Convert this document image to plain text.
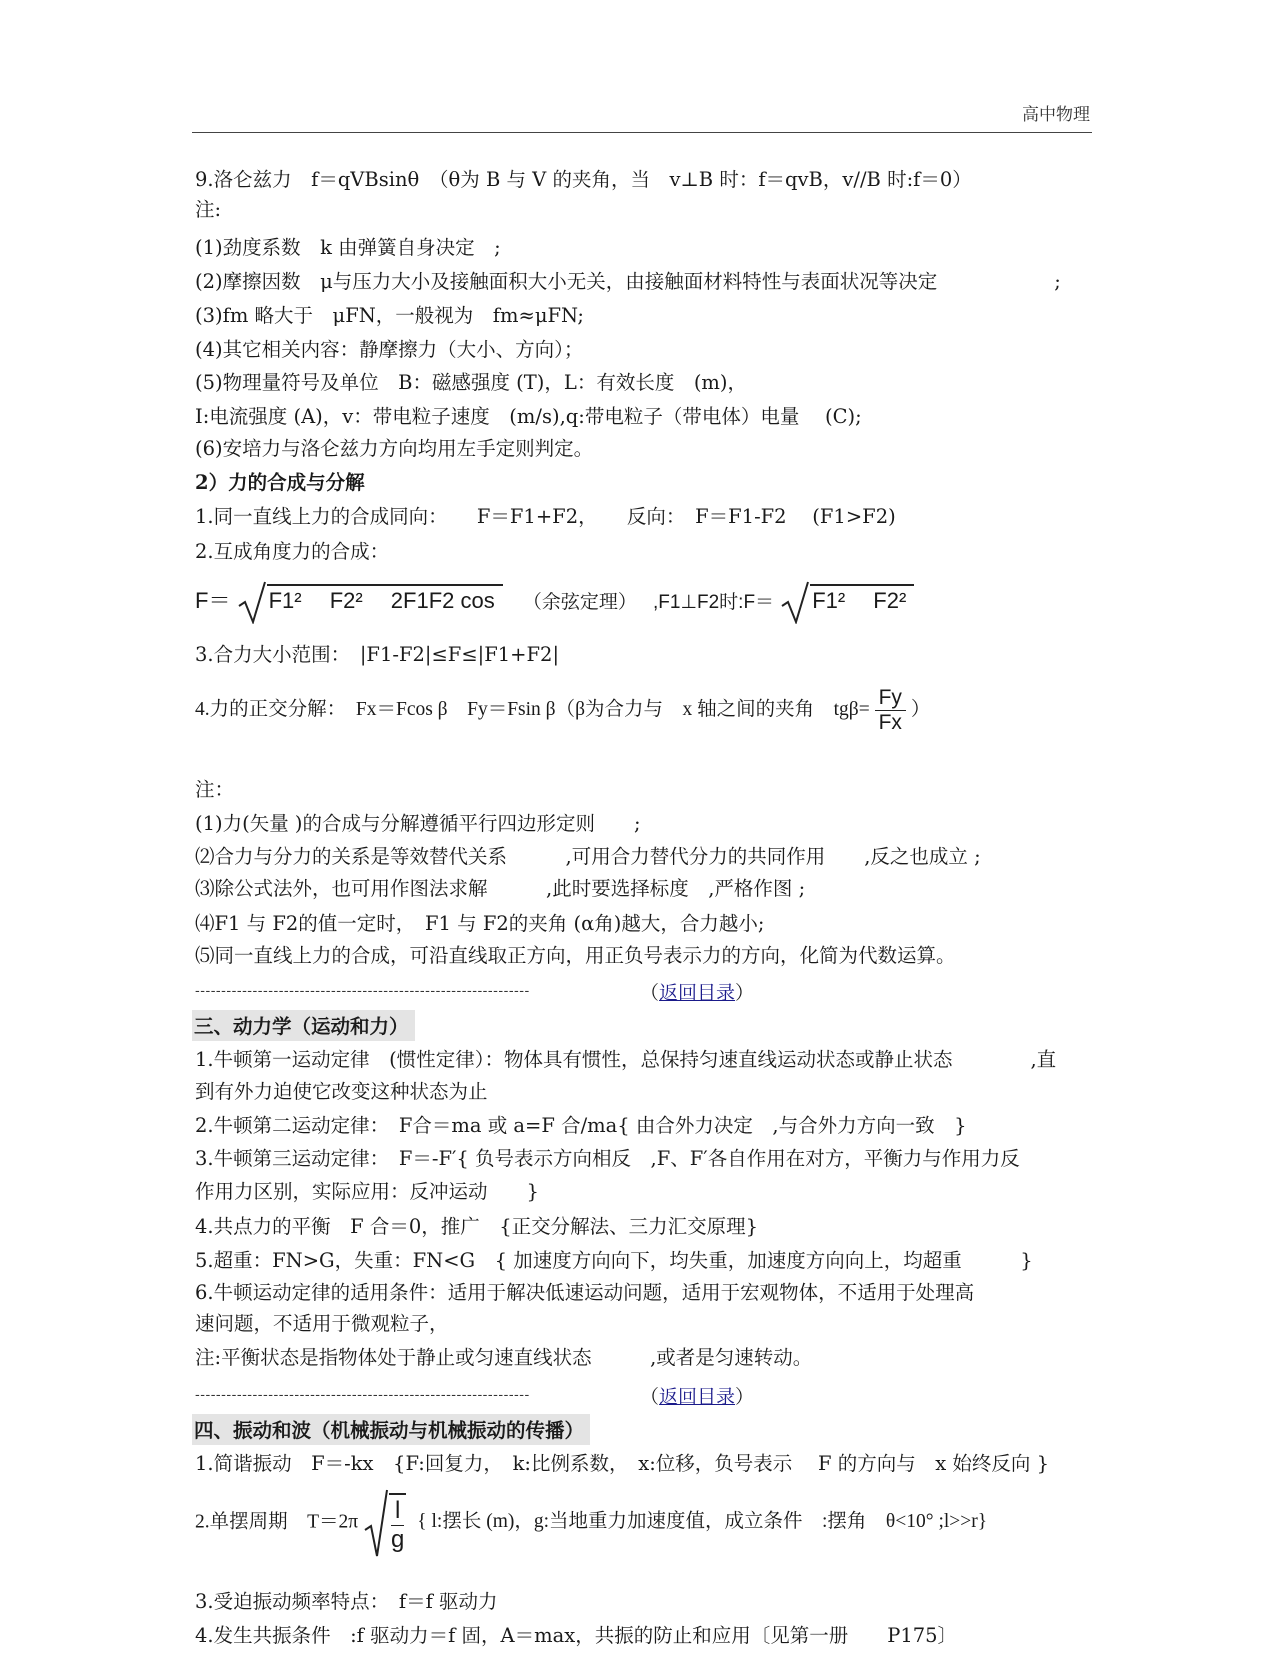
高中物理
9.洛仑兹力　f＝qVBsinθ　（θ为 B 与 V 的夹角，当　v⊥B 时：f＝qvB，v//B 时:f＝0）
注:
(1)劲度系数　k 由弹簧自身决定　;
(2)摩擦因数　μ与压力大小及接触面积大小无关，由接触面材料特性与表面状况等决定　　　　　　;
(3)fm 略大于　μFN，一般视为　fm≈μFN;
(4)其它相关内容：静摩擦力（大小、方向）；
(5)物理量符号及单位　B：磁感强度 (T)，L：有效长度　(m)，
I:电流强度 (A)，v：带电粒子速度　(m/s),q:带电粒子（带电体）电量　 (C);
(6)安培力与洛仑兹力方向均用左手定则判定。
2）力的合成与分解
1.同一直线上力的合成同向：　　F＝F1+F2，　　反向：　F＝F1-F2　 (F1>F2)
2.互成角度力的合成：
F＝ F1² 　F2² 　2F1F2 cos （余弦定理） ,F1⊥F2时:F＝ F1² 　F2²
3.合力大小范围：　|F1-F2|≤F≤|F1+F2|
4.力的正交分解：　Fx＝Fcos β　Fy＝Fsin β（β为合力与　x 轴之间的夹角　$tg\beta= \frac{Fy}{Fx}$ ）
注：
(1)力(矢量 )的合成与分解遵循平行四边形定则　　;
⑵合力与分力的关系是等效替代关系　　　,可用合力替代分力的共同作用　　,反之也成立 ;
⑶除公式法外，也可用作图法求解　　　,此时要选择标度　,严格作图 ;
⑷F1 与 F2的值一定时，　F1 与 F2的夹角 (α角)越大，合力越小;
⑸同一直线上力的合成，可沿直线取正方向，用正负号表示力的方向，化简为代数运算。
----------------------------------------------------------------	（返回目录）
三、动力学（运动和力）
1.牛顿第一运动定律　(惯性定律）：物体具有惯性，总保持匀速直线运动状态或静止状态　　　　,直
到有外力迫使它改变这种状态为止
2.牛顿第二运动定律：　F合＝ma 或 a=F 合/ma{ 由合外力决定　,与合外力方向一致　}
3.牛顿第三运动定律：　F＝-F′{ 负号表示方向相反　,F、F′各自作用在对方，平衡力与作用力反
作用力区别，实际应用：反冲运动　　}
4.共点力的平衡　F 合＝0，推广　{正交分解法、三力汇交原理}
5.超重：FN>G，失重：FN<G　{ 加速度方向向下，均失重，加速度方向向上，均超重　　　}
6.牛顿运动定律的适用条件：适用于解决低速运动问题，适用于宏观物体，不适用于处理高
速问题，不适用于微观粒子，
注:平衡状态是指物体处于静止或匀速直线状态　　　,或者是匀速转动。
----------------------------------------------------------------	（返回目录）
四、振动和波（机械振动与机械振动的传播）
1.简谐振动　F＝-kx　{F:回复力，　k:比例系数，　x:位移，负号表示　 F 的方向与　x 始终反向 }
2.单摆周期　$T=2\pi \frac{l}{g}$ { l:摆长 (m)，g:当地重力加速度值，成立条件　:摆角　θ<10° ;l>>r}
3.受迫振动频率特点：　f＝f 驱动力
4.发生共振条件　:f 驱动力＝f 固，A＝max，共振的防止和应用〔见第一册　　P175〕
